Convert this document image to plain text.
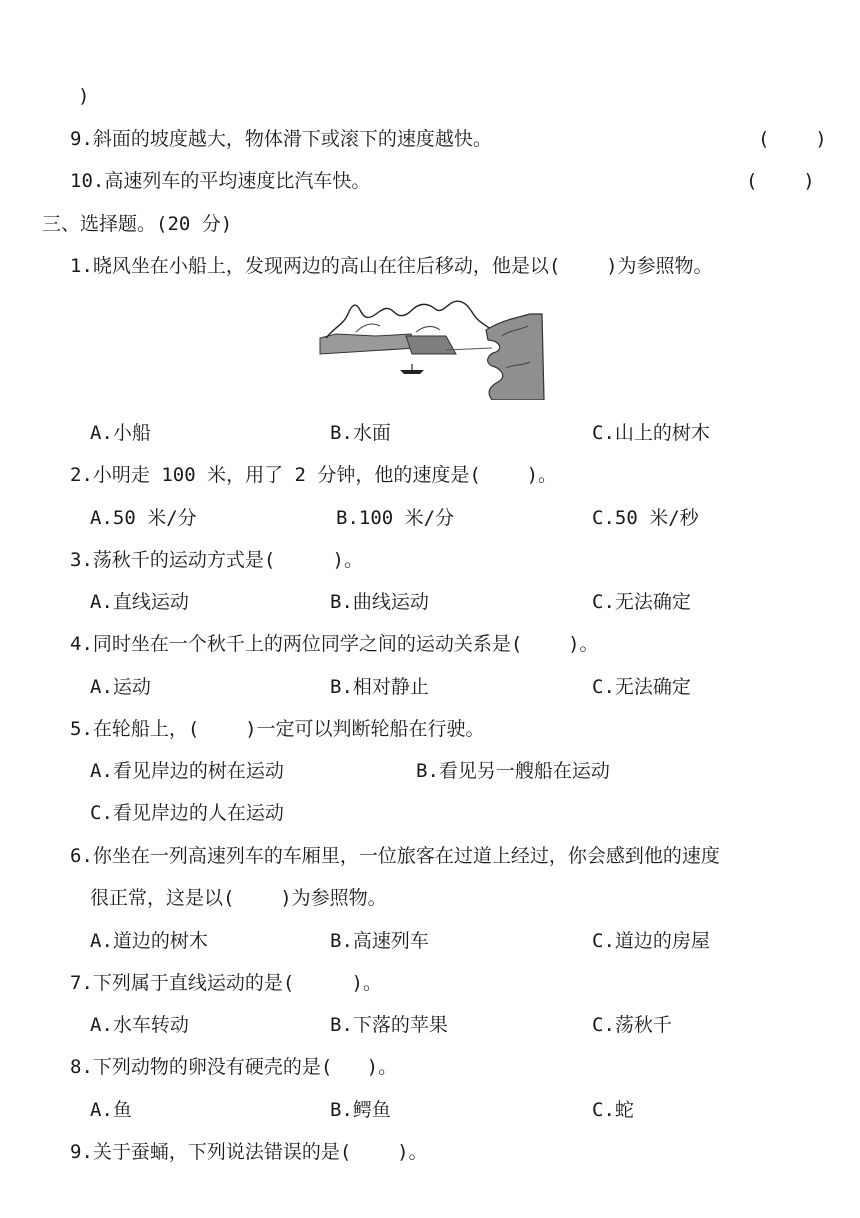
)
9.斜面的坡度越大，物体滑下或滚下的速度越快。	(    )
10.高速列车的平均速度比汽车快。	(    )
三、选择题。(20 分)
1.晓风坐在小船上，发现两边的高山在往后移动，他是以(    )为参照物。
A.小船	B.水面	C.山上的树木
2.小明走 100 米，用了 2 分钟，他的速度是(    )。
A.50 米/分	B.100 米/分	C.50 米/秒
3.荡秋千的运动方式是(     )。
A.直线运动	B.曲线运动	C.无法确定
4.同时坐在一个秋千上的两位同学之间的运动关系是(    )。
A.运动	B.相对静止	C.无法确定
5.在轮船上，(    )一定可以判断轮船在行驶。
A.看见岸边的树在运动	B.看见另一艘船在运动
C.看见岸边的人在运动
6.你坐在一列高速列车的车厢里，一位旅客在过道上经过，你会感到他的速度
很正常，这是以(    )为参照物。
A.道边的树木	B.高速列车	C.道边的房屋
7.下列属于直线运动的是(     )。
A.水车转动	B.下落的苹果	C.荡秋千
8.下列动物的卵没有硬壳的是(   )。
A.鱼	B.鳄鱼	C.蛇
9.关于蚕蛹，下列说法错误的是(    )。
